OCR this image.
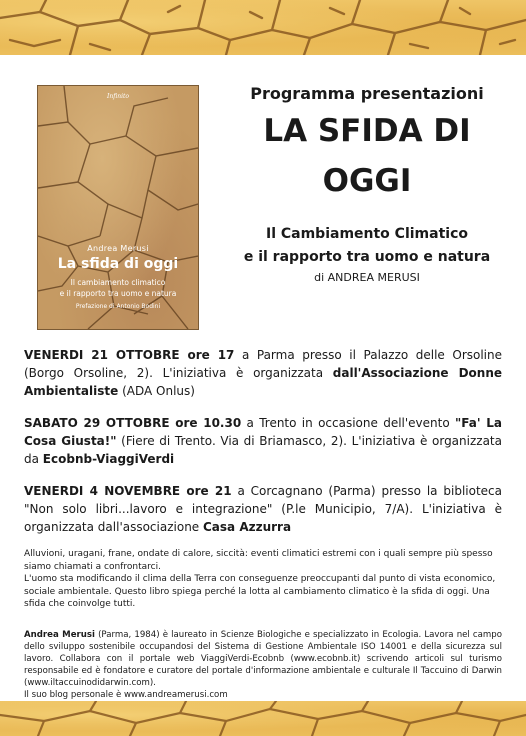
Infinito
Andrea Merusi
La sfida di oggi
Il cambiamento climatico
e il rapporto tra uomo e natura
Prefazione di Antonio Bodini
Programma presentazioni
LA SFIDA DI
OGGI
Il Cambiamento Climatico
e il rapporto tra uomo e natura
di ANDREA MERUSI

VENERDI 21 OTTOBRE ore 17 a Parma presso il Palazzo delle Orsoline (Borgo Orsoline, 2). L'iniziativa è organizzata dall'Associazione Donne Ambientaliste (ADA Onlus)

SABATO 29 OTTOBRE ore 10.30 a Trento in occasione dell'evento "Fa' La Cosa Giusta!" (Fiere di Trento. Via di Briamasco, 2). L'iniziativa è organizzata da Ecobnb-ViaggiVerdi

VENERDI 4 NOVEMBRE ore 21 a Corcagnano (Parma) presso la biblioteca "Non solo libri...lavoro e integrazione" (P.le Municipio, 7/A). L'iniziativa è organizzata dall'associazione Casa Azzurra

Alluvioni, uragani, frane, ondate di calore, siccità: eventi climatici estremi con i quali sempre più spesso siamo chiamati a confrontarci.
L'uomo sta modificando il clima della Terra con conseguenze preoccupanti dal punto di vista economico, sociale ambientale. Questo libro spiega perché la lotta al cambiamento climatico è la sfida di oggi. Una sfida che coinvolge tutti.

Andrea Merusi (Parma, 1984) è laureato in Scienze Biologiche e specializzato in Ecologia. Lavora nel campo dello sviluppo sostenibile occupandosi del Sistema di Gestione Ambientale ISO 14001 e della sicurezza sul lavoro. Collabora con il portale web ViaggiVerdi-Ecobnb (www.ecobnb.it) scrivendo articoli sul turismo responsabile ed è fondatore e curatore del portale d'informazione ambientale e culturale Il Taccuino di Darwin (www.iltaccuinodidarwin.com).
Il suo blog personale è www.andreamerusi.com
